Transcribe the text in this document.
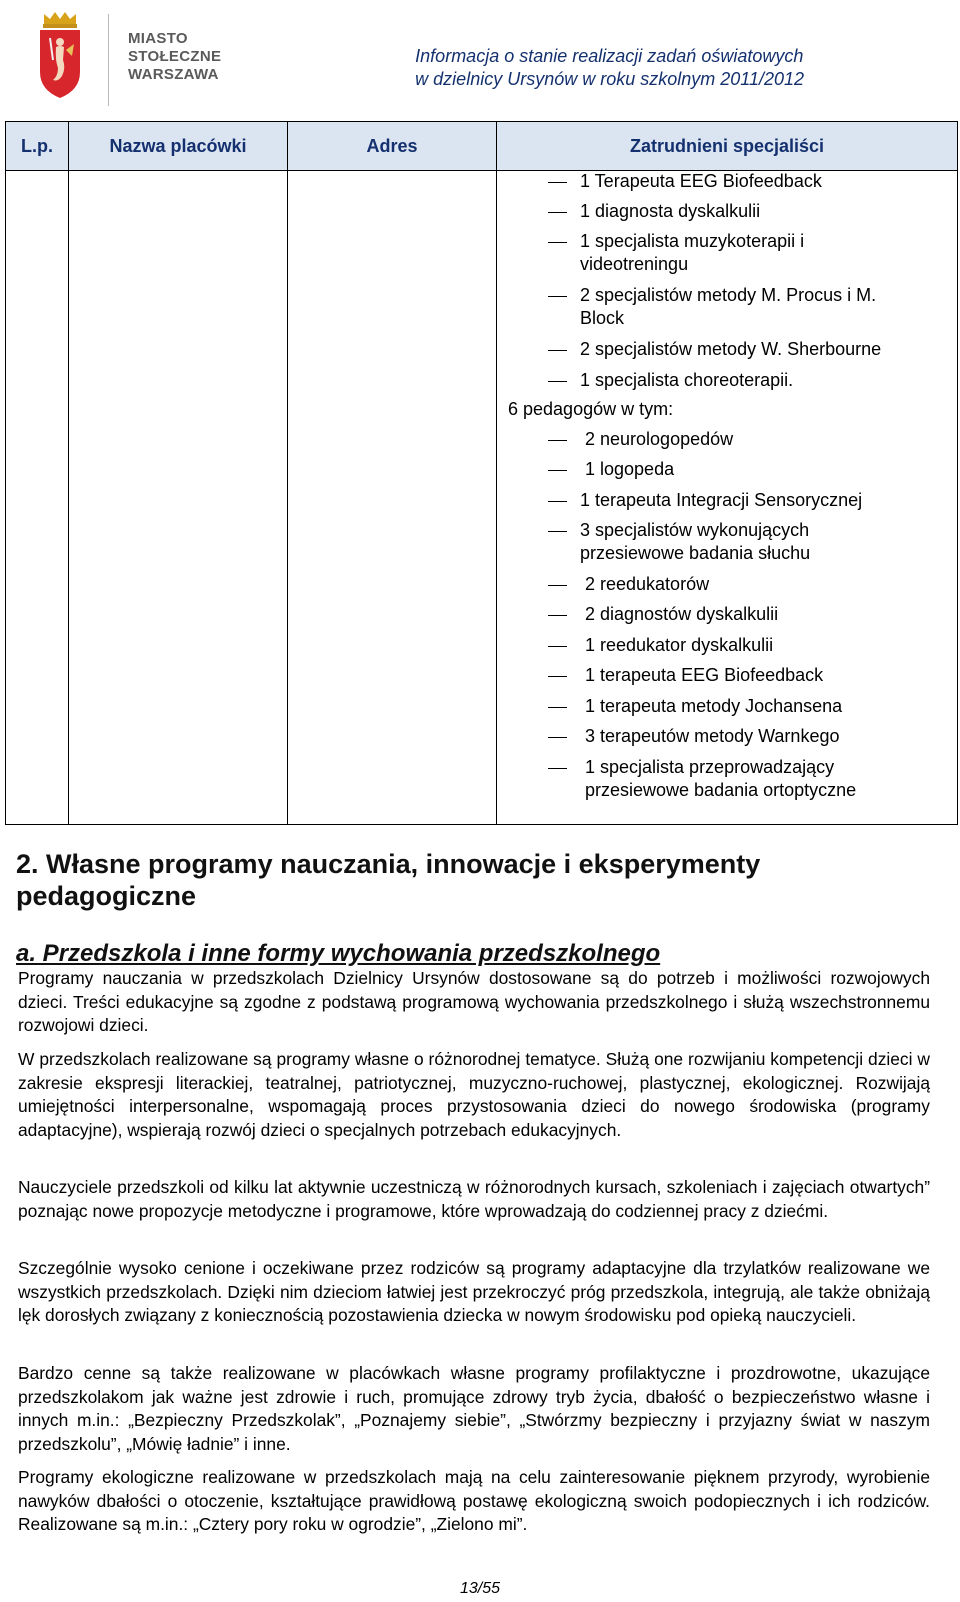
MIASTO
STOŁECZNE
WARSZAWA
Informacja o stanie realizacji zadań oświatowych
w dzielnicy Ursynów w roku szkolnym 2011/2012
L.p.	Nazwa placówki	Adres	Zatrudnieni specjaliści
1 Terapeuta EEG Biofeedback
1 diagnosta dyskalkulii
1 specjalista muzykoterapii i
videotreningu
2 specjalistów metody M. Procus i M.
Block
2 specjalistów metody W. Sherbourne
1 specjalista choreoterapii.
6 pedagogów w tym:
2 neurologopedów
1 logopeda
1 terapeuta Integracji Sensorycznej
3 specjalistów wykonujących
przesiewowe badania słuchu
2 reedukatorów
2 diagnostów dyskalkulii
1 reedukator dyskalkulii
1 terapeuta EEG Biofeedback
1 terapeuta metody Jochansena
3 terapeutów metody Warnkego
1 specjalista przeprowadzający
przesiewowe badania ortoptyczne
2. Własne programy nauczania, innowacje i eksperymenty
pedagogiczne
a. Przedszkola i inne formy wychowania przedszkolnego

Programy nauczania w przedszkolach Dzielnicy Ursynów dostosowane są do potrzeb i możliwości rozwojowych dzieci. Treści edukacyjne są zgodne z podstawą programową wychowania przedszkolnego i służą wszechstronnemu rozwojowi dzieci.

W przedszkolach realizowane są programy własne o różnorodnej tematyce. Służą one rozwijaniu kompetencji dzieci w zakresie ekspresji literackiej, teatralnej, patriotycznej, muzyczno-ruchowej, plastycznej, ekologicznej. Rozwijają umiejętności interpersonalne, wspomagają proces przystosowania dzieci do nowego środowiska (programy adaptacyjne), wspierają rozwój dzieci o specjalnych potrzebach edukacyjnych.

Nauczyciele przedszkoli od kilku lat aktywnie uczestniczą w różnorodnych kursach, szkoleniach i zajęciach otwartych” poznając nowe propozycje metodyczne i programowe, które wprowadzają do codziennej pracy z dziećmi.

Szczególnie wysoko cenione i oczekiwane przez rodziców są programy adaptacyjne dla trzylatków realizowane we wszystkich przedszkolach. Dzięki nim dzieciom łatwiej jest przekroczyć próg przedszkola, integrują, ale także obniżają lęk dorosłych związany z koniecznością pozostawienia dziecka w nowym środowisku pod opieką nauczycieli.

Bardzo cenne są także realizowane w placówkach własne programy profilaktyczne i prozdrowotne, ukazujące przedszkolakom jak ważne jest zdrowie i ruch, promujące zdrowy tryb życia, dbałość o bezpieczeństwo własne i innych m.in.: „Bezpieczny Przedszkolak”, „Poznajemy siebie”, „Stwórzmy bezpieczny i przyjazny świat w naszym przedszkolu”, „Mówię ładnie” i inne.

Programy ekologiczne realizowane w przedszkolach mają na celu zainteresowanie pięknem przyrody, wyrobienie nawyków dbałości o otoczenie, kształtujące prawidłową postawę ekologiczną swoich podopiecznych i ich rodziców. Realizowane są m.in.: „Cztery pory roku w ogrodzie”, „Zielono mi”.

13/55
